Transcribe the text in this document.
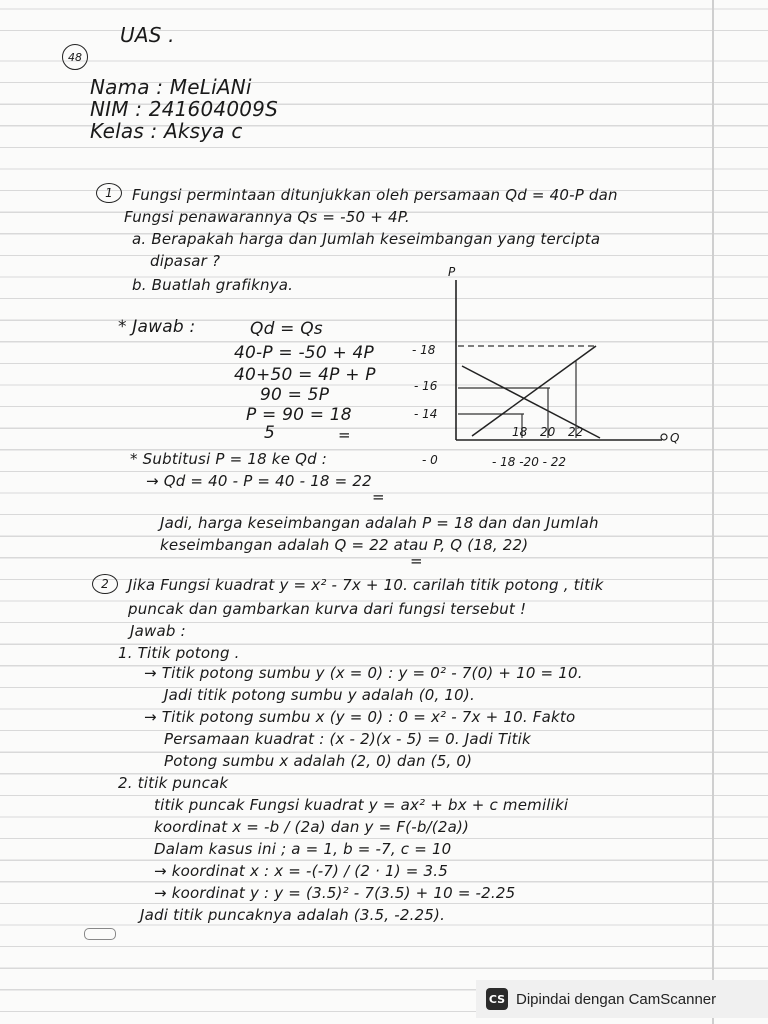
UAS .
48
Nama : MeLiANi
NIM : 241604009S
Kelas : Aksya c
1 Fungsi permintaan ditunjukkan oleh persamaan Qd = 40-P dan
Fungsi penawarannya Qs = -50 + 4P.
a. Berapakah harga dan Jumlah keseimbangan yang tercipta
dipasar ?
b. Buatlah grafiknya.
* Jawab :	Qd = Qs
40-P = -50 + 4P
40+50 = 4P + P
90 = 5P
P = 90 = 18
5	=
* Subtitusi P = 18 ke Qd :
→ Qd = 40 - P = 40 - 18 = 22
=
Jadi, harga keseimbangan adalah P = 18 dan dan Jumlah
keseimbangan adalah Q = 22 atau P, Q (18, 22)
=
P
Q
- 18
- 16
- 14
18 20 22
- 0	- 18 -20 - 22
2 Jika Fungsi kuadrat y = x² - 7x + 10. carilah titik potong , titik
puncak dan gambarkan kurva dari fungsi tersebut !
Jawab :
1. Titik potong .
→ Titik potong sumbu y (x = 0) : y = 0² - 7(0) + 10 = 10.
Jadi titik potong sumbu y adalah (0, 10).
→ Titik potong sumbu x (y = 0) : 0 = x² - 7x + 10. Fakto
Persamaan kuadrat : (x - 2)(x - 5) = 0. Jadi Titik
Potong sumbu x adalah (2, 0) dan (5, 0)
2. titik puncak
titik puncak Fungsi kuadrat y = ax² + bx + c memiliki
koordinat x = -b / (2a) dan y = F(-b/(2a))
Dalam kasus ini ; a = 1, b = -7, c = 10
→ koordinat x : x = -(-7) / (2 · 1) = 3.5
→ koordinat y : y = (3.5)² - 7(3.5) + 10 = -2.25
Jadi titik puncaknya adalah (3.5, -2.25).
CS Dipindai dengan CamScanner
